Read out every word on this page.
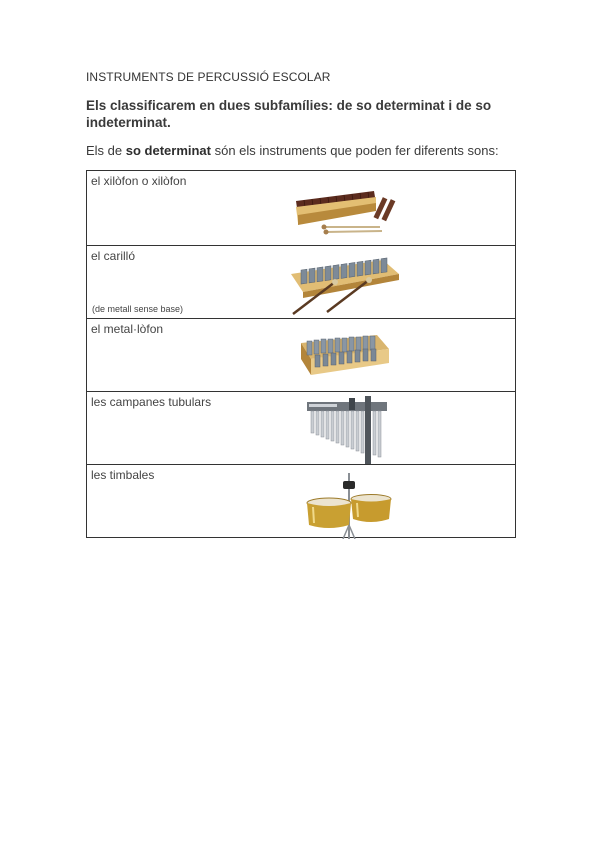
INSTRUMENTS DE PERCUSSIÓ ESCOLAR
Els classificarem en dues subfamílies: de so determinat i de so indeterminat.
Els de so determinat són els instruments que poden fer diferents sons:
el xilòfon o xilòfon
el carilló
(de metall sense base)
el metal·lòfon
les campanes tubulars
les timbales
